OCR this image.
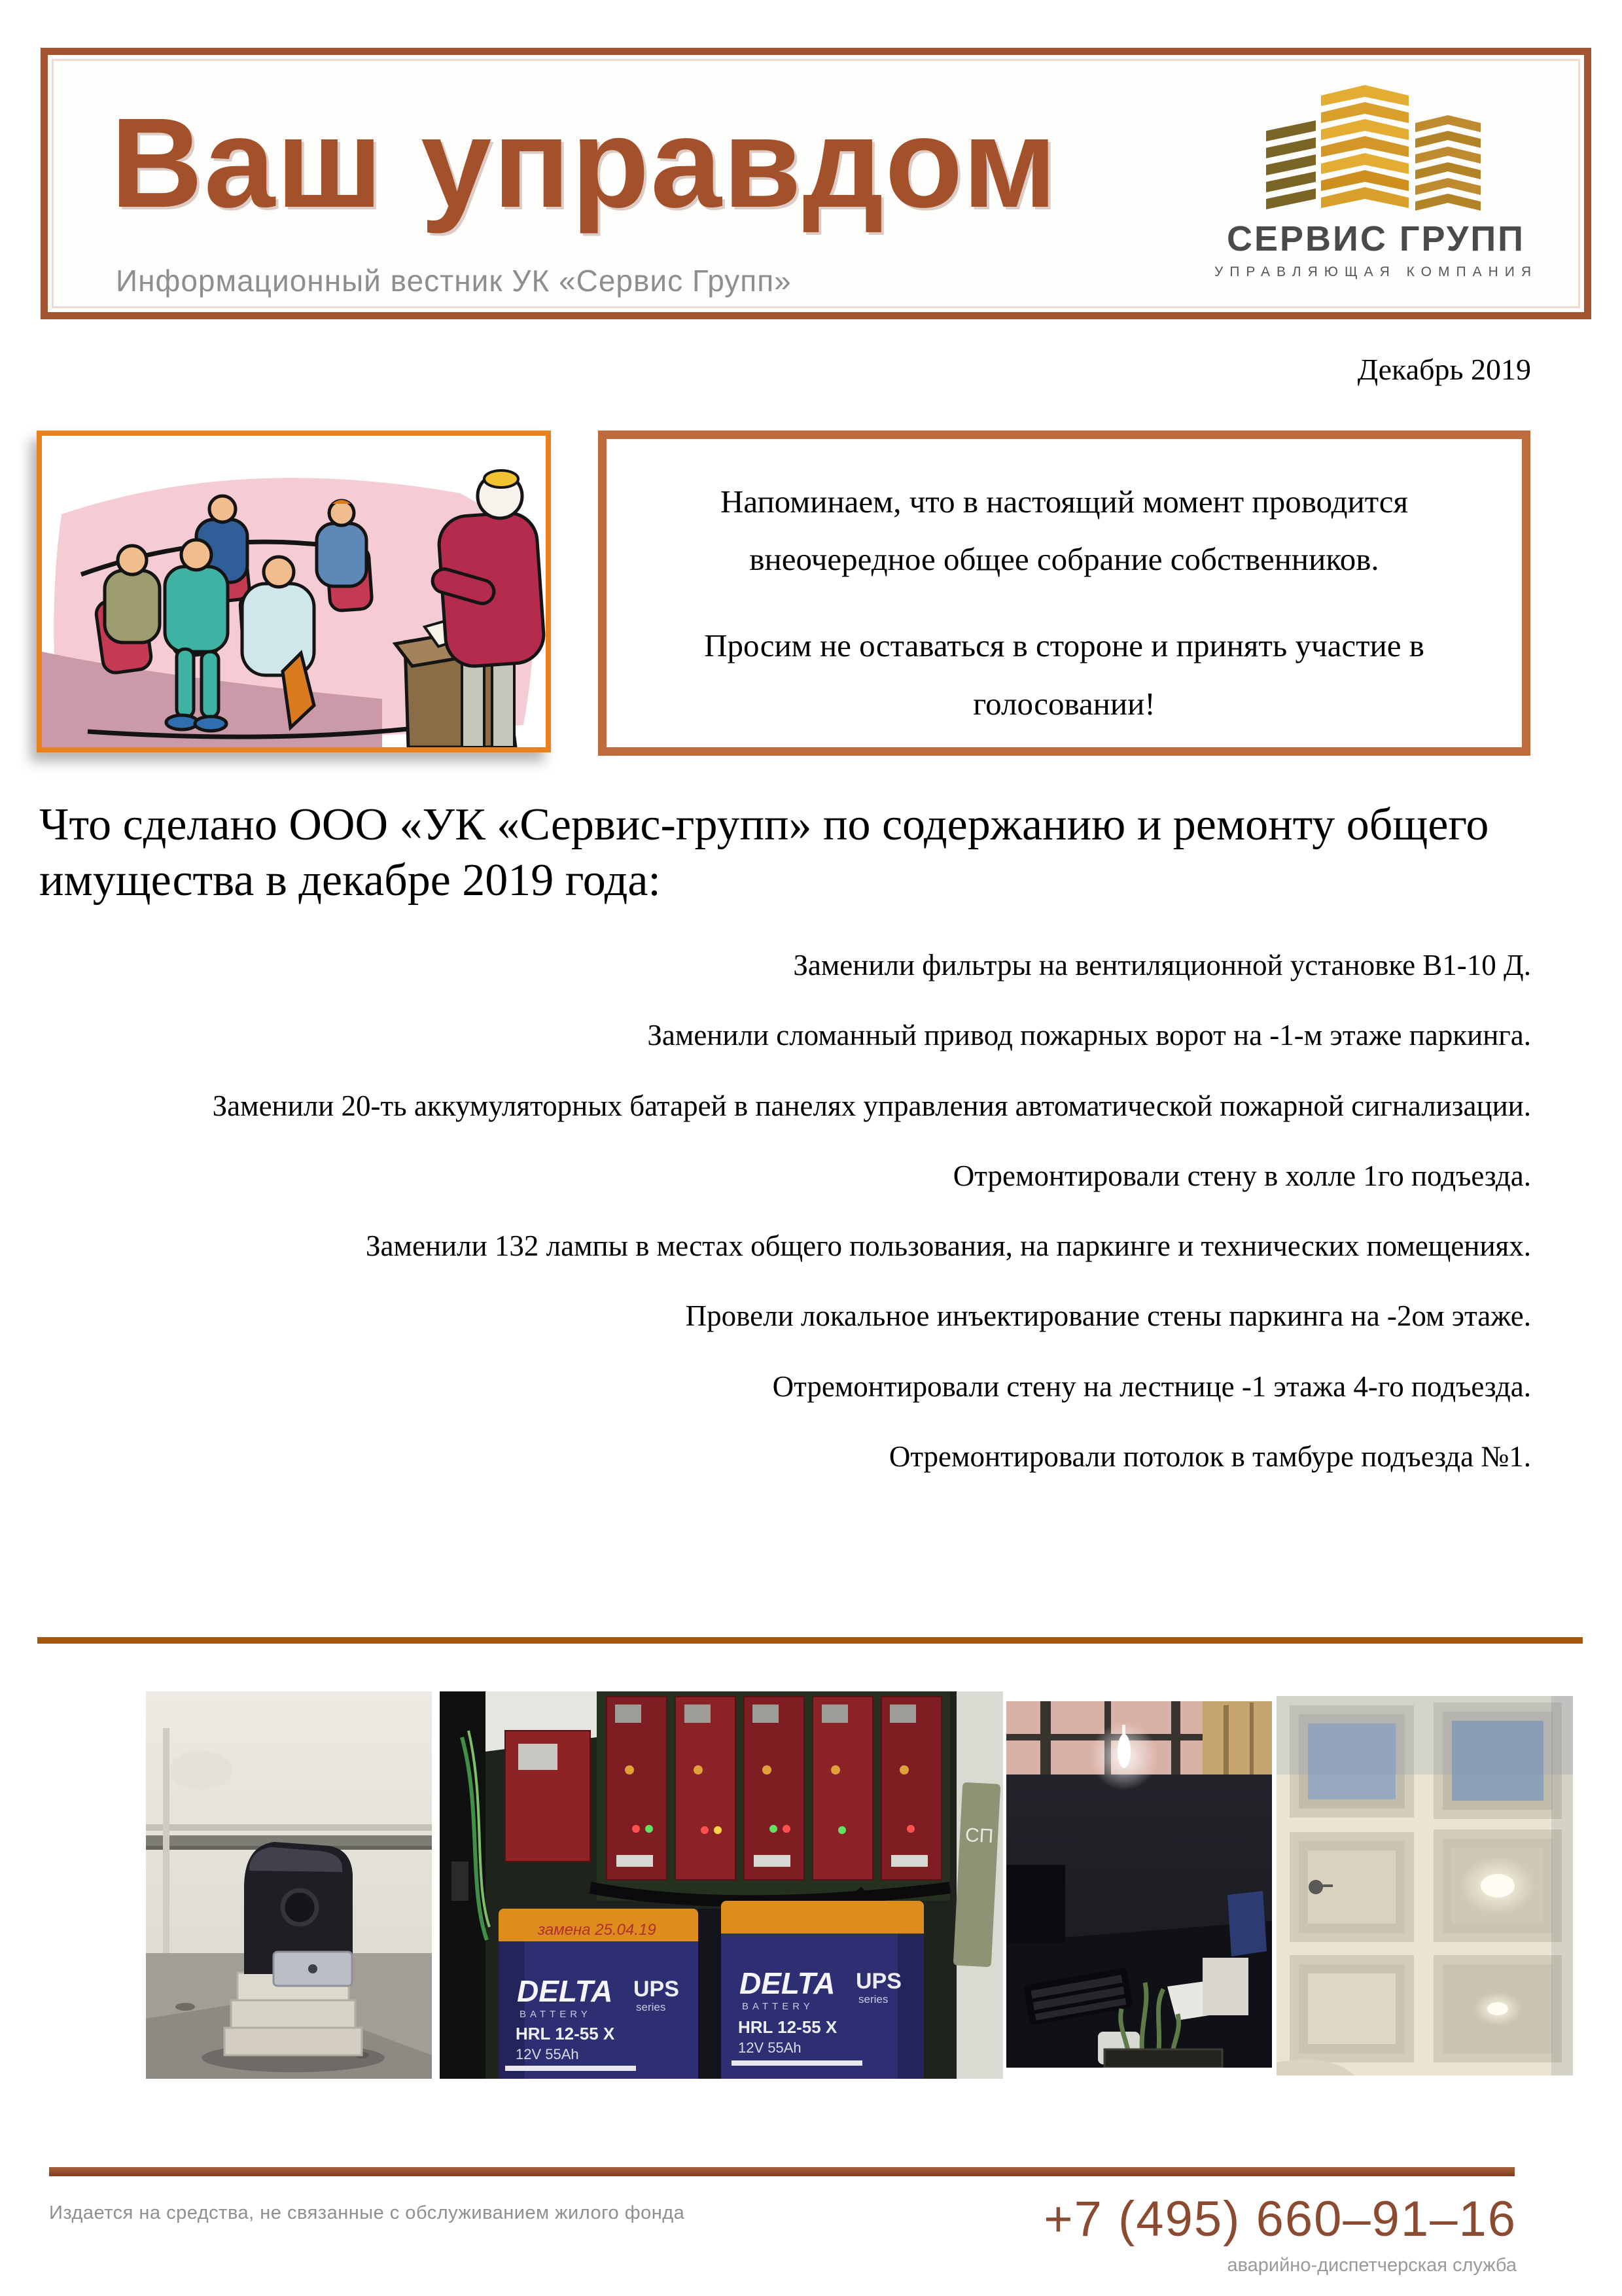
Ваш управдом
Информационный вестник УК «Сервис Групп»
СЕРВИС ГРУПП
УПРАВЛЯЮЩАЯ КОМПАНИЯ
Декабрь 2019

Напоминаем, что в настоящий момент проводится внеочередное общее собрание собственников.

Просим не оставаться в стороне и принять участие в голосовании!

Что сделано ООО «УК «Сервис-групп» по содержанию и ремонту общего имущества в декабре 2019 года:
Заменили фильтры на вентиляционной установке В1-10 Д.
Заменили сломанный привод пожарных ворот на -1-м этаже паркинга.
Заменили 20-ть аккумуляторных батарей в панелях управления автоматической пожарной сигнализации.
Отремонтировали стену в холле 1го подъезда.
Заменили 132 лампы в местах общего пользования, на паркинге и технических помещениях.
Провели локальное инъектирование стены паркинга на -2ом этаже.
Отремонтировали стену на лестнице -1 этажа 4-го подъезда.
Отремонтировали потолок в тамбуре подъезда №1.
замена 25.04.19
DELTA
BATTERY
UPS
series
HRL 12-55 X
12V 55Ah
DELTA
BATTERY
UPS
series
HRL 12-55 X
12V 55Ah
СП
Издается на средства, не связанные с обслуживанием жилого фонда	+7 (495) 660–91–16
аварийно-диспетчерская служба
